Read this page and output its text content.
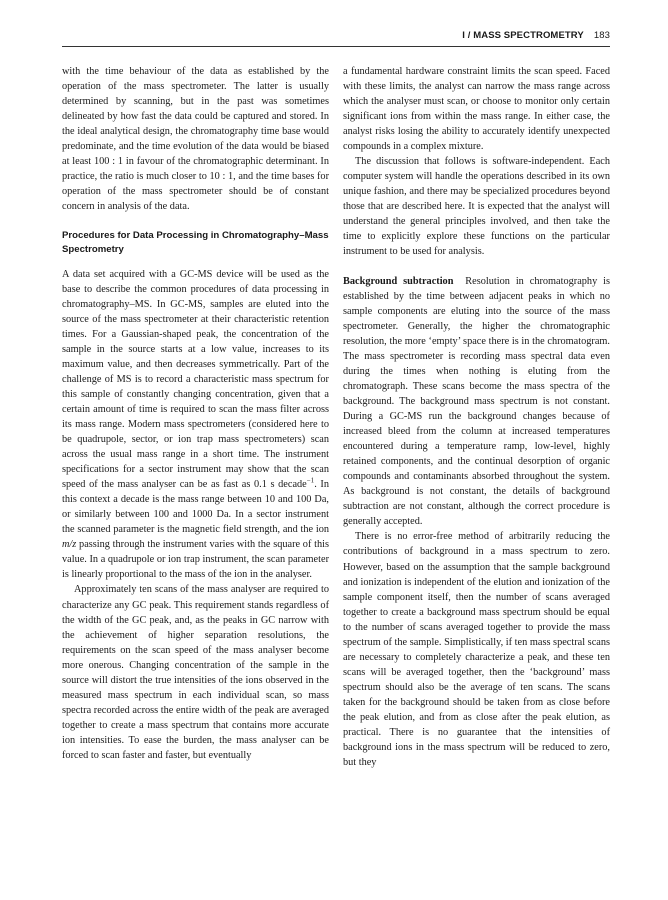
I / MASS SPECTROMETRY 183

with the time behaviour of the data as established by the operation of the mass spectrometer. The latter is usually determined by scanning, but in the past was sometimes delineated by how fast the data could be captured and stored. In the ideal analytical design, the chromatography time base would predominate, and the time evolution of the data would be biased at least 100 : 1 in favour of the chromatographic determinant. In practice, the ratio is much closer to 10 : 1, and the time bases for operation of the mass spectrometer should be of constant concern in analysis of the data.

Procedures for Data Processing in Chromatography–Mass Spectrometry

A data set acquired with a GC-MS device will be used as the base to describe the common procedures of data processing in chromatography–MS. In GC-MS, samples are eluted into the source of the mass spectrometer at their characteristic retention times. For a Gaussian-shaped peak, the concentration of the sample in the source starts at a low value, increases to its maximum value, and then decreases symmetrically. Part of the challenge of MS is to record a characteristic mass spectrum for this sample of constantly changing concentration, given that a certain amount of time is required to scan the mass filter across its mass range. Modern mass spectrometers (considered here to be quadrupole, sector, or ion trap mass spectrometers) scan across the usual mass range in a short time. The instrument specifications for a sector instrument may show that the scan speed of the mass analyser can be as fast as 0.1 s decade$^{-1}$. In this context a decade is the mass range between 10 and 100 Da, or similarly between 100 and 1000 Da. In a sector instrument the scanned parameter is the magnetic field strength, and the ion m/z passing through the instrument varies with the square of this value. In a quadrupole or ion trap instrument, the scan parameter is linearly proportional to the mass of the ion in the analyser.

Approximately ten scans of the mass analyser are required to characterize any GC peak. This requirement stands regardless of the width of the GC peak, and, as the peaks in GC narrow with the achievement of higher separation resolutions, the requirements on the scan speed of the mass analyser become more onerous. Changing concentration of the sample in the source will distort the true intensities of the ions observed in the measured mass spectrum in each individual scan, so mass spectra recorded across the entire width of the peak are averaged together to create a mass spectrum that contains more accurate ion intensities. To ease the burden, the mass analyser can be forced to scan faster and faster, but eventually

a fundamental hardware constraint limits the scan speed. Faced with these limits, the analyst can narrow the mass range across which the analyser must scan, or choose to monitor only certain significant ions from within the mass range. In either case, the analyst risks losing the ability to accurately identify unexpected compounds in a complex mixture.

The discussion that follows is software-independent. Each computer system will handle the operations described in its own unique fashion, and there may be specialized procedures beyond those that are described here. It is expected that the analyst will understand the general principles involved, and then take the time to explicitly explore these functions on the particular instrument to be used for analysis.

Background subtraction Resolution in chromatography is established by the time between adjacent peaks in which no sample components are eluting into the source of the mass spectrometer. Generally, the higher the chromatographic resolution, the more ‘empty’ space there is in the chromatogram. The mass spectrometer is recording mass spectral data even during the times when nothing is eluting from the chromatograph. These scans become the mass spectra of the background. The background mass spectrum is not constant. During a GC-MS run the background changes because of increased bleed from the column at increased temperatures encountered during a temperature ramp, low-level, highly retained components, and the continual desorption of organic compounds and contaminants absorbed throughout the system. As background is not constant, the details of background subtraction are not constant, although the correct procedure is generally accepted.

There is no error-free method of arbitrarily reducing the contributions of background in a mass spectrum to zero. However, based on the assumption that the sample background and ionization is independent of the elution and ionization of the sample component itself, then the number of scans averaged together to create a background mass spectrum should be equal to the number of scans averaged together to provide the mass spectrum of the sample. Simplistically, if ten mass spectral scans are necessary to completely characterize a peak, and these ten scans will be averaged together, then the ‘background’ mass spectrum should also be the average of ten scans. The scans taken for the background should be taken from as close before the peak elution, and from as close after the peak elution, as practical. There is no guarantee that the intensities of background ions in the mass spectrum will be reduced to zero, but they
